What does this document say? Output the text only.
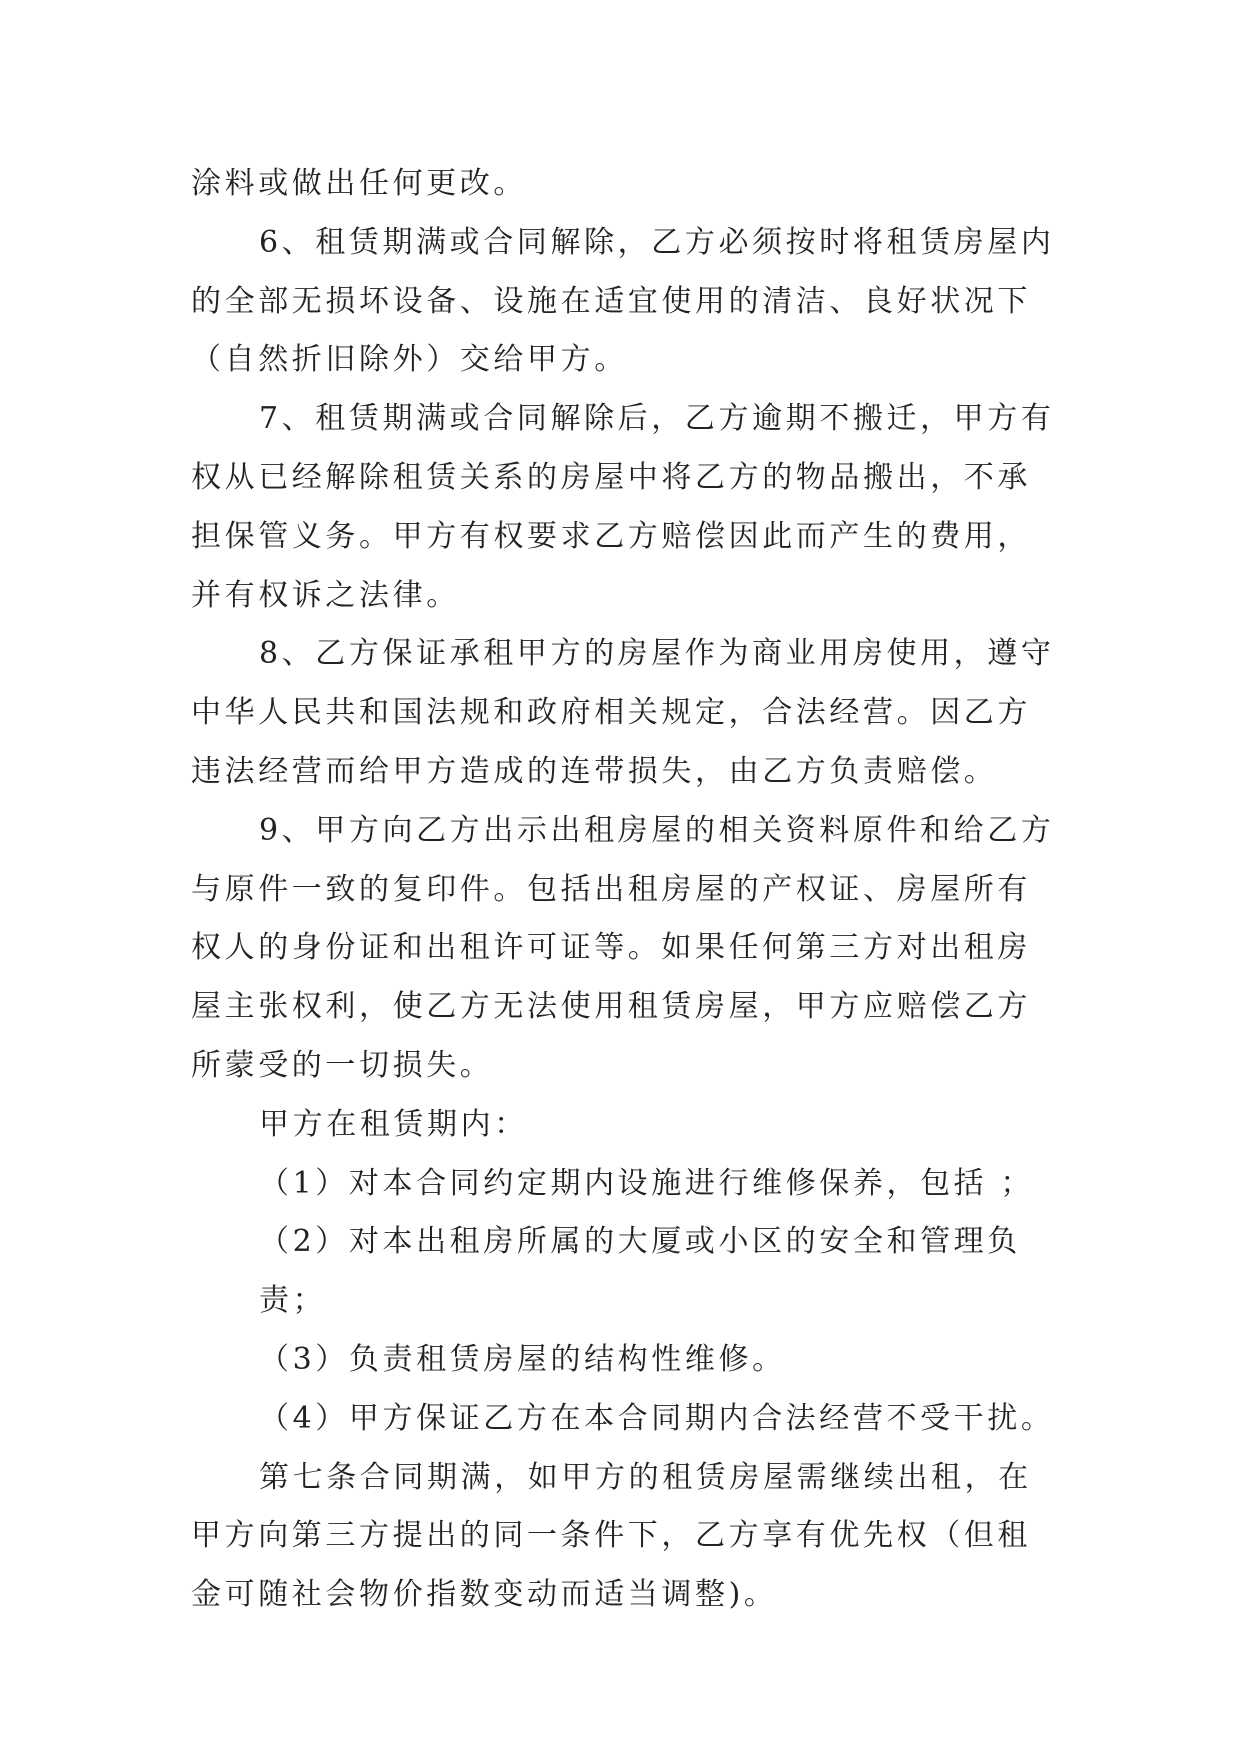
涂料或做出任何更改。

6、租赁期满或合同解除，乙方必须按时将租赁房屋内的全部无损坏设备、设施在适宜使用的清洁、良好状况下（自然折旧除外）交给甲方。

7、租赁期满或合同解除后，乙方逾期不搬迁，甲方有权从已经解除租赁关系的房屋中将乙方的物品搬出，不承担保管义务。甲方有权要求乙方赔偿因此而产生的费用，并有权诉之法律。

8、乙方保证承租甲方的房屋作为商业用房使用，遵守中华人民共和国法规和政府相关规定，合法经营。因乙方违法经营而给甲方造成的连带损失，由乙方负责赔偿。

9、甲方向乙方出示出租房屋的相关资料原件和给乙方与原件一致的复印件。包括出租房屋的产权证、房屋所有权人的身份证和出租许可证等。如果任何第三方对出租房屋主张权利，使乙方无法使用租赁房屋，甲方应赔偿乙方所蒙受的一切损失。

甲方在租赁期内：

（1）对本合同约定期内设施进行维修保养，包括 ；

（2）对本出租房所属的大厦或小区的安全和管理负责；

（3）负责租赁房屋的结构性维修。

（4）甲方保证乙方在本合同期内合法经营不受干扰。

第七条合同期满，如甲方的租赁房屋需继续出租，在甲方向第三方提出的同一条件下，乙方享有优先权（但租金可随社会物价指数变动而适当调整)。
